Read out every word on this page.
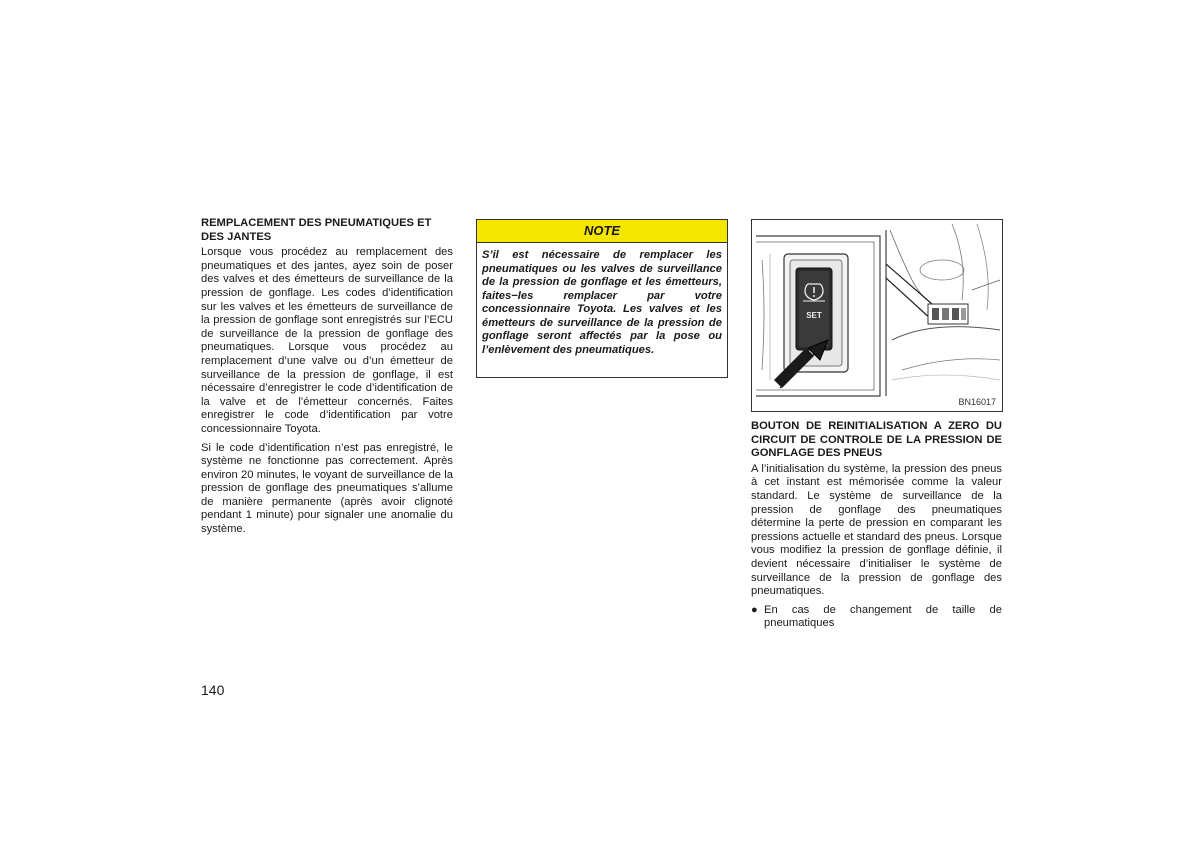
REMPLACEMENT DES PNEUMATIQUES ET DES JANTES

Lorsque vous procédez au remplacement des pneumatiques et des jantes, ayez soin de poser des valves et des émetteurs de surveillance de la pression de gonflage. Les codes d’identification sur les valves et les émetteurs de surveillance de la pression de gonflage sont enregistrés sur l’ECU de surveillance de la pression de gonflage des pneumatiques. Lorsque vous procédez au remplacement d’une valve ou d’un émetteur de surveillance de la pression de gonflage, il est nécessaire d’enregistrer le code d’identification de la valve et de l’émetteur concernés. Faites enregistrer le code d’identification par votre concessionnaire Toyota.

Si le code d’identification n’est pas enregistré, le système ne fonctionne pas correctement. Après environ 20 minutes, le voyant de surveillance de la pression de gonflage des pneumatiques s’allume de manière permanente (après avoir clignoté pendant 1 minute) pour signaler une anomalie du système.

NOTE
S’il est nécessaire de remplacer les pneumatiques ou les valves de surveillance de la pression de gonflage et les émetteurs, faites−les remplacer par votre concessionnaire Toyota. Les valves et les émetteurs de surveillance de la pression de gonflage seront affectés par la pose ou l’enlèvement des pneumatiques.
SET
BN16017
BOUTON DE REINITIALISATION A ZERO DU CIRCUIT DE CONTROLE DE LA PRESSION DE GONFLAGE DES PNEUS

A l’initialisation du système, la pression des pneus à cet instant est mémorisée comme la valeur standard. Le système de surveillance de la pression de gonflage des pneumatiques détermine la perte de pression en comparant les pressions actuelle et standard des pneus. Lorsque vous modifiez la pression de gonflage définie, il devient nécessaire d’initialiser le système de surveillance de la pression de gonflage des pneumatiques.

● En cas de changement de taille de pneumatiques
140
